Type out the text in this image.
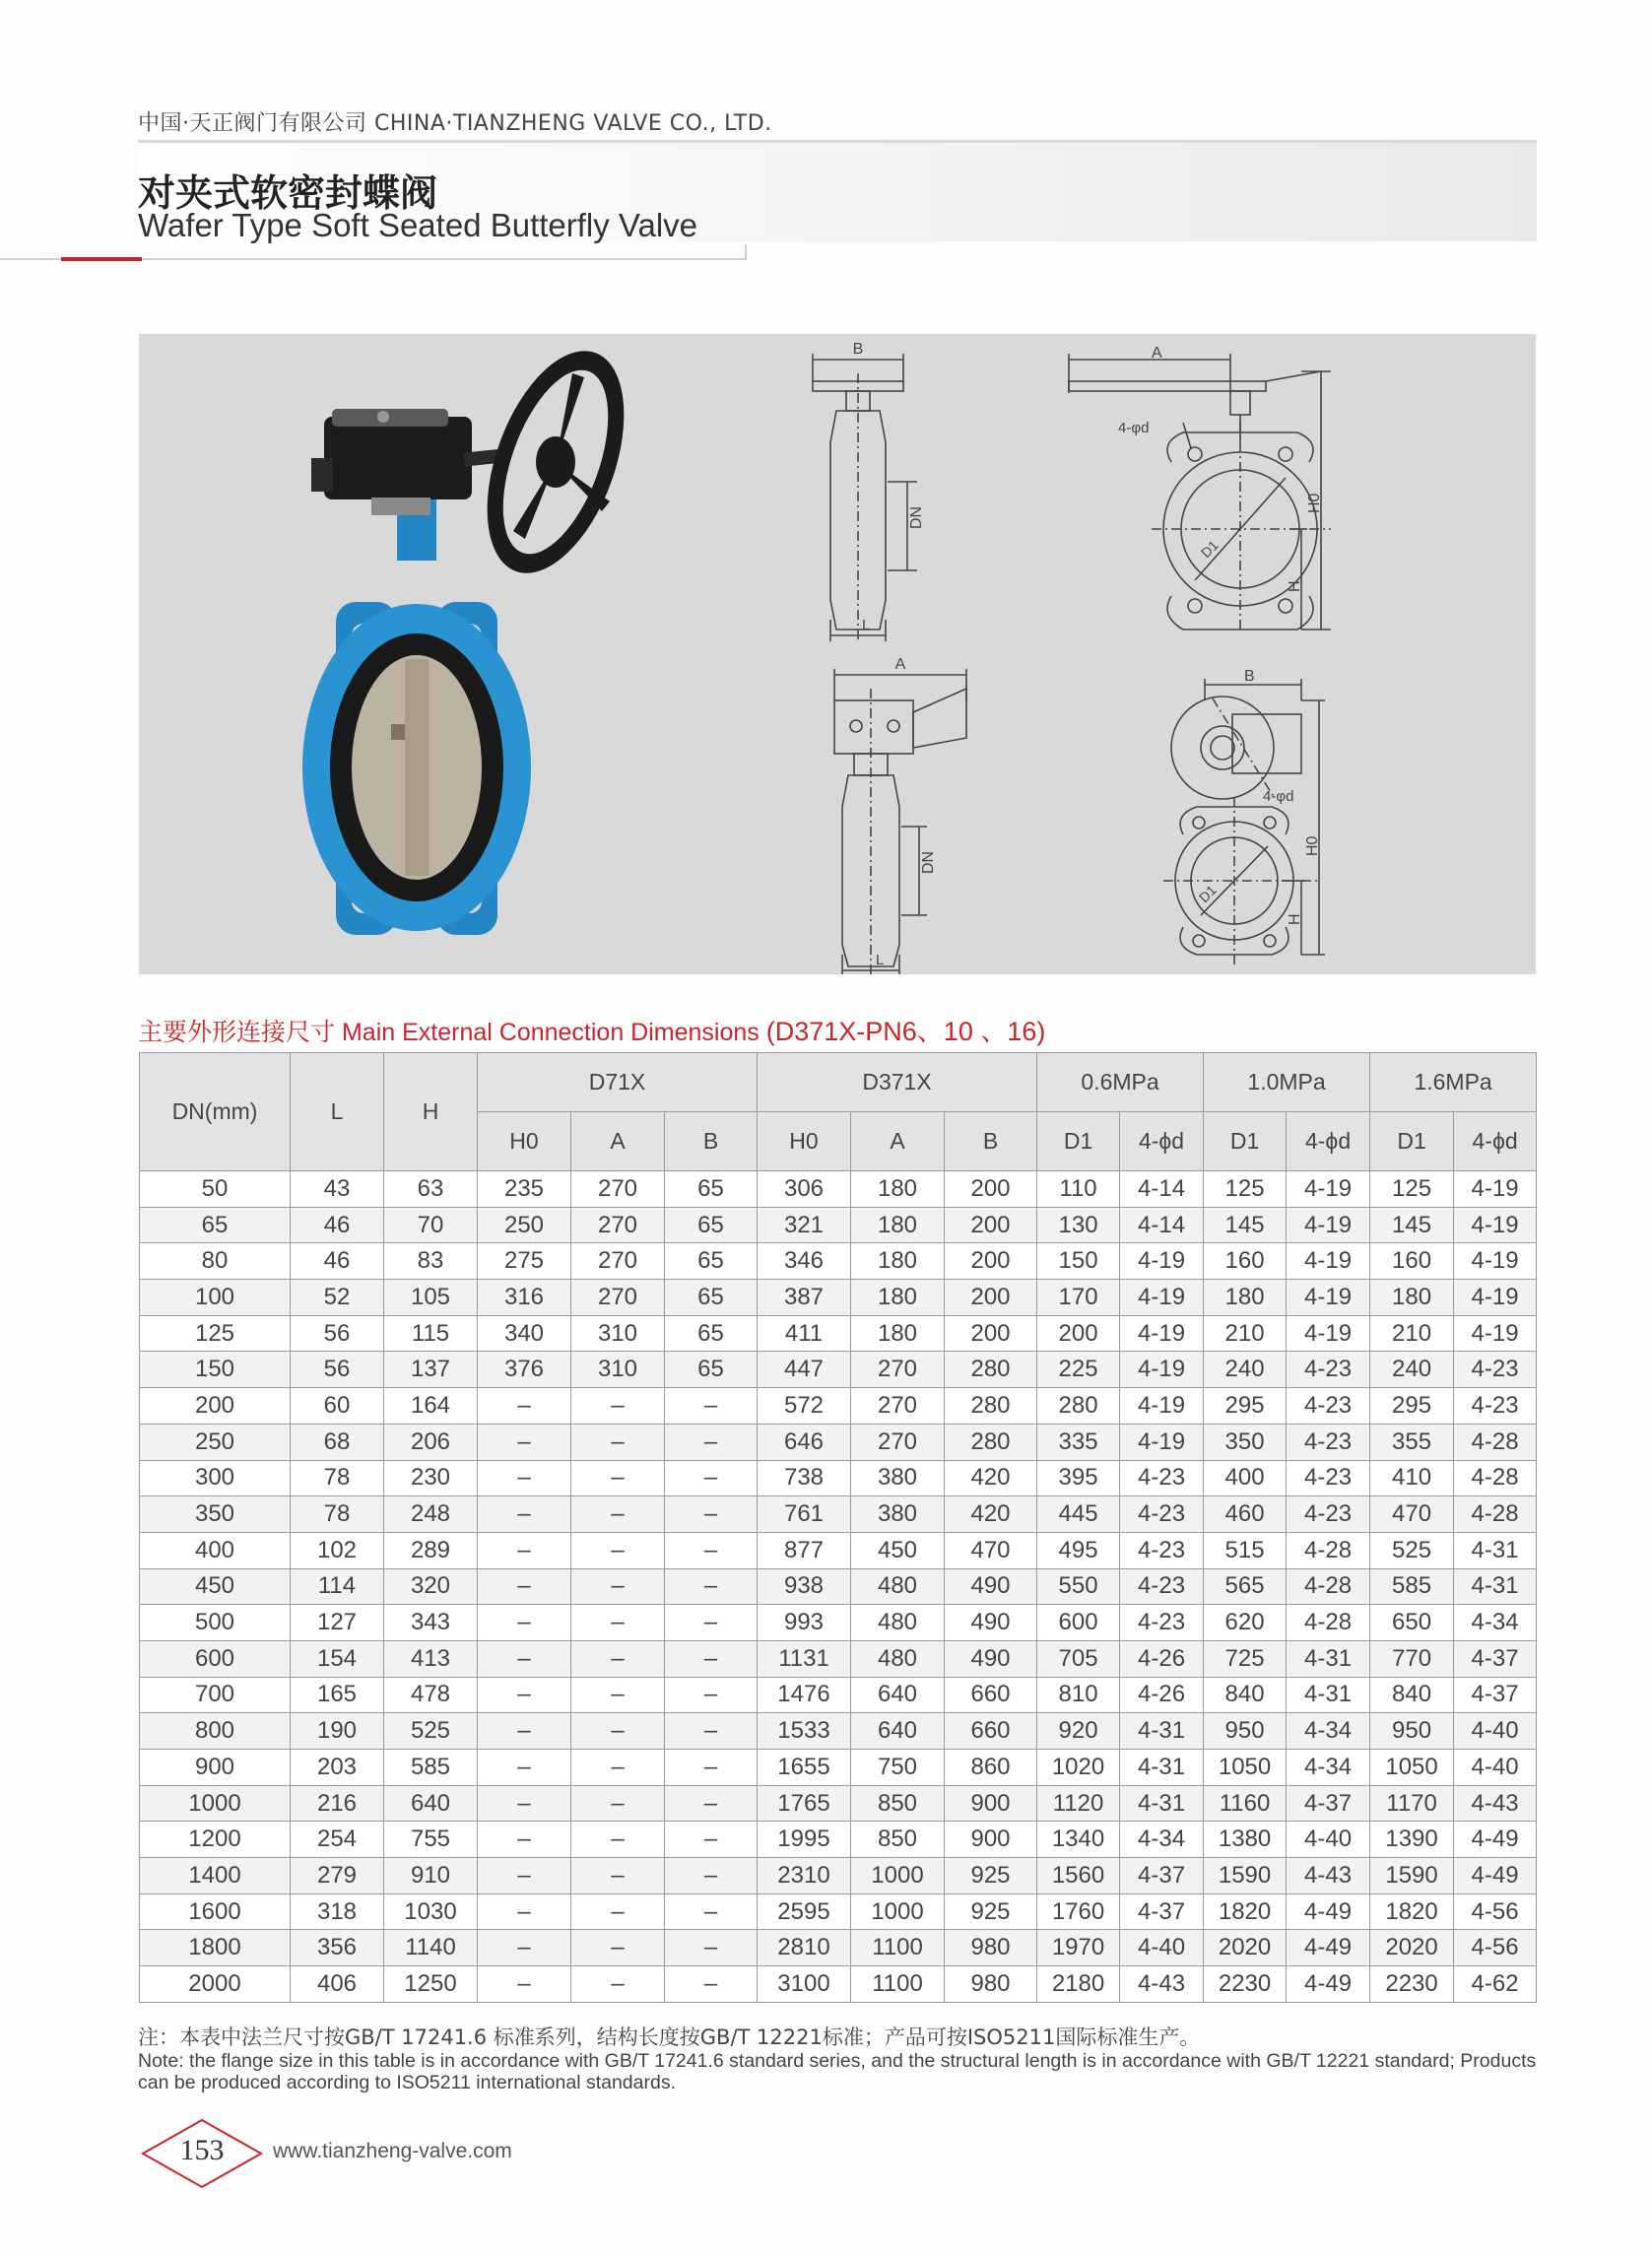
中国·天正阀门有限公司 CHINA·TIANZHENG VALVE CO., LTD.
对夹式软密封蝶阀
Wafer Type Soft Seated Butterfly Valve
B
DN
L
A
4-φd
H0
H
D1
A
DN
L
B
4-φd
H0
H
D1
主要外形连接尺寸 Main External Connection Dimensions (D371X-PN6、10 、16)
DN(mm)	L	H	D71X			D371X			0.6MPa		1.0MPa		1.6MPa	
			H0	A	B	H0	A	B	D1	4-ϕd	D1	4-ϕd	D1	4-ϕd
50	43	63	235	270	65	306	180	200	110	4-14	125	4-19	125	4-19
65	46	70	250	270	65	321	180	200	130	4-14	145	4-19	145	4-19
80	46	83	275	270	65	346	180	200	150	4-19	160	4-19	160	4-19
100	52	105	316	270	65	387	180	200	170	4-19	180	4-19	180	4-19
125	56	115	340	310	65	411	180	200	200	4-19	210	4-19	210	4-19
150	56	137	376	310	65	447	270	280	225	4-19	240	4-23	240	4-23
200	60	164	–	–	–	572	270	280	280	4-19	295	4-23	295	4-23
250	68	206	–	–	–	646	270	280	335	4-19	350	4-23	355	4-28
300	78	230	–	–	–	738	380	420	395	4-23	400	4-23	410	4-28
350	78	248	–	–	–	761	380	420	445	4-23	460	4-23	470	4-28
400	102	289	–	–	–	877	450	470	495	4-23	515	4-28	525	4-31
450	114	320	–	–	–	938	480	490	550	4-23	565	4-28	585	4-31
500	127	343	–	–	–	993	480	490	600	4-23	620	4-28	650	4-34
600	154	413	–	–	–	1131	480	490	705	4-26	725	4-31	770	4-37
700	165	478	–	–	–	1476	640	660	810	4-26	840	4-31	840	4-37
800	190	525	–	–	–	1533	640	660	920	4-31	950	4-34	950	4-40
900	203	585	–	–	–	1655	750	860	1020	4-31	1050	4-34	1050	4-40
1000	216	640	–	–	–	1765	850	900	1120	4-31	1160	4-37	1170	4-43
1200	254	755	–	–	–	1995	850	900	1340	4-34	1380	4-40	1390	4-49
1400	279	910	–	–	–	2310	1000	925	1560	4-37	1590	4-43	1590	4-49
1600	318	1030	–	–	–	2595	1000	925	1760	4-37	1820	4-49	1820	4-56
1800	356	1140	–	–	–	2810	1100	980	1970	4-40	2020	4-49	2020	4-56
2000	406	1250	–	–	–	3100	1100	980	2180	4-43	2230	4-49	2230	4-62
注：本表中法兰尺寸按GB/T 17241.6 标准系列，结构长度按GB/T 12221标准；产品可按ISO5211国际标准生产。
Note: the flange size in this table is in accordance with GB/T 17241.6 standard series, and the structural length is in accordance with GB/T 12221 standard; Products can be produced according to ISO5211 international standards.
153	www.tianzheng-valve.com
